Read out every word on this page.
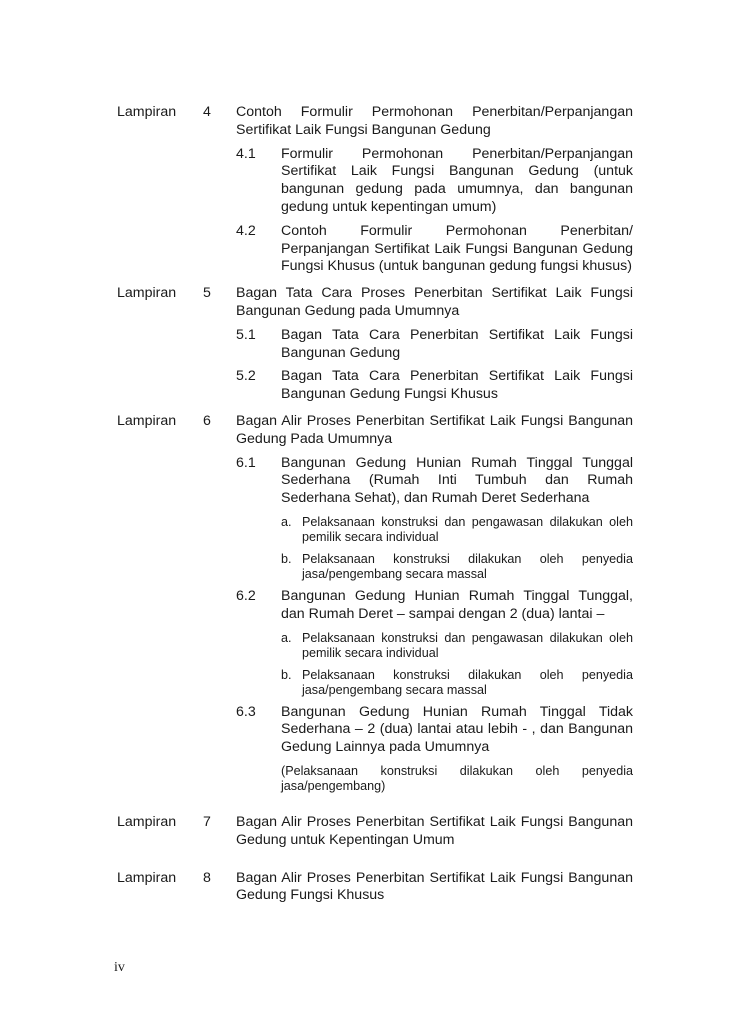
Lampiran	4	Contoh Formulir Permohonan Penerbitan/Perpanjangan Sertifikat Laik Fungsi Bangunan Gedung
4.1	Formulir Permohonan Penerbitan/Perpanjangan Sertifikat Laik Fungsi Bangunan Gedung (untuk bangunan gedung pada umumnya, dan bangunan gedung untuk kepentingan umum)
4.2	Contoh Formulir Permohonan Penerbitan/ Perpanjangan Sertifikat Laik Fungsi Bangunan Gedung Fungsi Khusus (untuk bangunan gedung fungsi khusus)
Lampiran	5	Bagan Tata Cara Proses Penerbitan Sertifikat Laik Fungsi Bangunan Gedung pada Umumnya
5.1	Bagan Tata Cara Penerbitan Sertifikat Laik Fungsi Bangunan Gedung
5.2	Bagan Tata Cara Penerbitan Sertifikat Laik Fungsi Bangunan Gedung Fungsi Khusus
Lampiran	6	Bagan Alir Proses Penerbitan Sertifikat Laik Fungsi Bangunan Gedung Pada Umumnya
6.1	Bangunan Gedung Hunian Rumah Tinggal Tunggal Sederhana (Rumah Inti Tumbuh dan Rumah Sederhana Sehat), dan Rumah Deret Sederhana
a. Pelaksanaan konstruksi dan pengawasan dilakukan oleh pemilik secara individual
b. Pelaksanaan konstruksi dilakukan oleh penyedia jasa/pengembang secara massal
6.2	Bangunan Gedung Hunian Rumah Tinggal Tunggal, dan Rumah Deret – sampai dengan 2 (dua) lantai –
a. Pelaksanaan konstruksi dan pengawasan dilakukan oleh pemilik secara individual
b. Pelaksanaan konstruksi dilakukan oleh penyedia jasa/pengembang secara massal
6.3	Bangunan Gedung Hunian Rumah Tinggal Tidak Sederhana – 2 (dua) lantai atau lebih - , dan Bangunan Gedung Lainnya pada Umumnya
(Pelaksanaan konstruksi dilakukan oleh penyedia jasa/pengembang)
Lampiran	7	Bagan Alir Proses Penerbitan Sertifikat Laik Fungsi Bangunan Gedung untuk Kepentingan Umum
Lampiran	8	Bagan Alir Proses Penerbitan Sertifikat Laik Fungsi Bangunan Gedung Fungsi Khusus
iv
